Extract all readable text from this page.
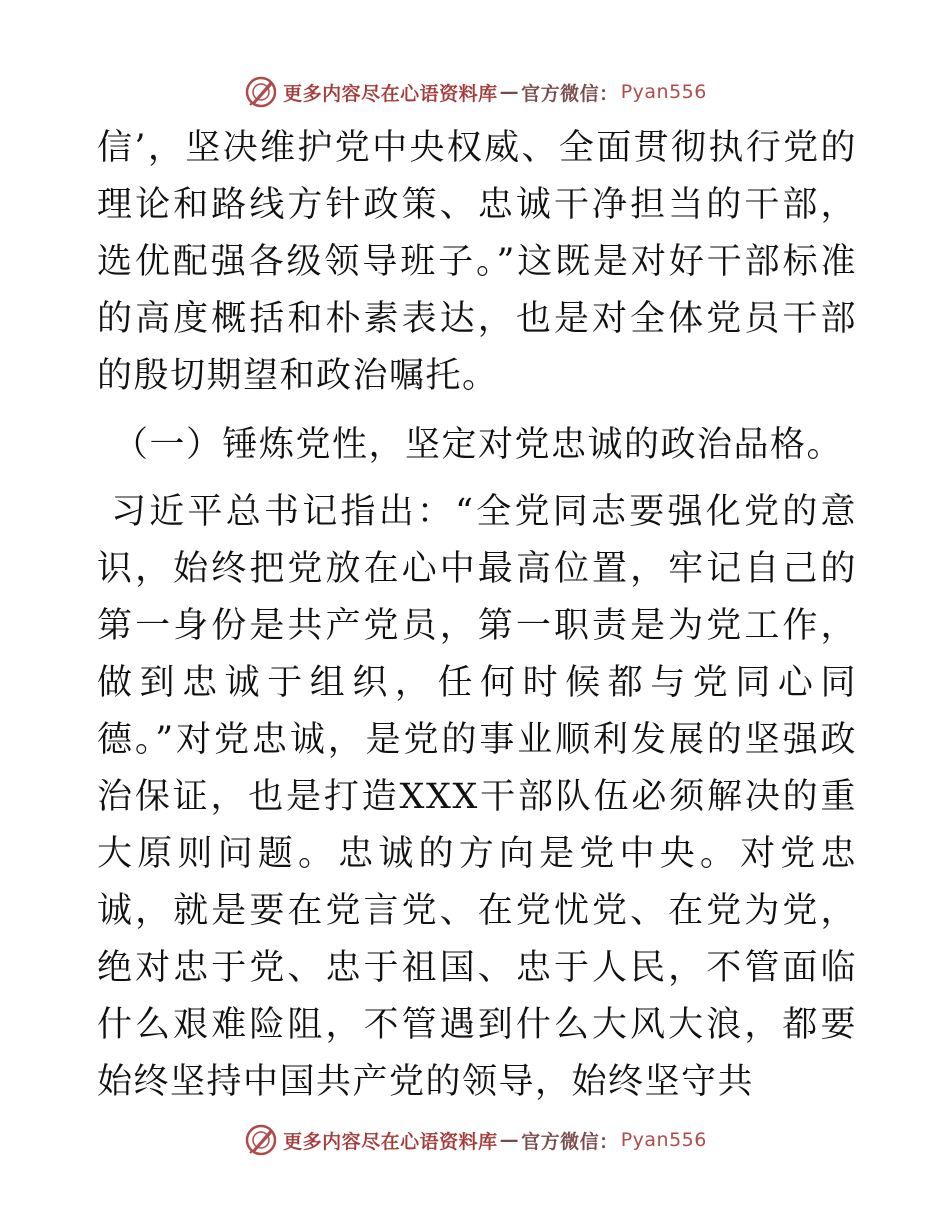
更多内容尽在心语资料库 — 官方微信： Pyan556

信’，坚决维护党中央权威、全面贯彻执行党的理论和路线方针政策、忠诚干净担当的干部，选优配强各级领导班子。”这既是对好干部标准的高度概括和朴素表达，也是对全体党员干部的殷切期望和政治嘱托。

（一）锤炼党性，坚定对党忠诚的政治品格。

习近平总书记指出：“全党同志要强化党的意识，始终把党放在心中最高位置，牢记自己的第一身份是共产党员，第一职责是为党工作，做到忠诚于组织，任何时候都与党同心同德。”对党忠诚，是党的事业顺利发展的坚强政治保证，也是打造XXX干部队伍必须解决的重大原则问题。忠诚的方向是党中央。对党忠诚，就是要在党言党、在党忧党、在党为党，绝对忠于党、忠于祖国、忠于人民，不管面临什么艰难险阻，不管遇到什么大风大浪，都要始终坚持中国共产党的领导，始终坚守共

更多内容尽在心语资料库 — 官方微信： Pyan556
